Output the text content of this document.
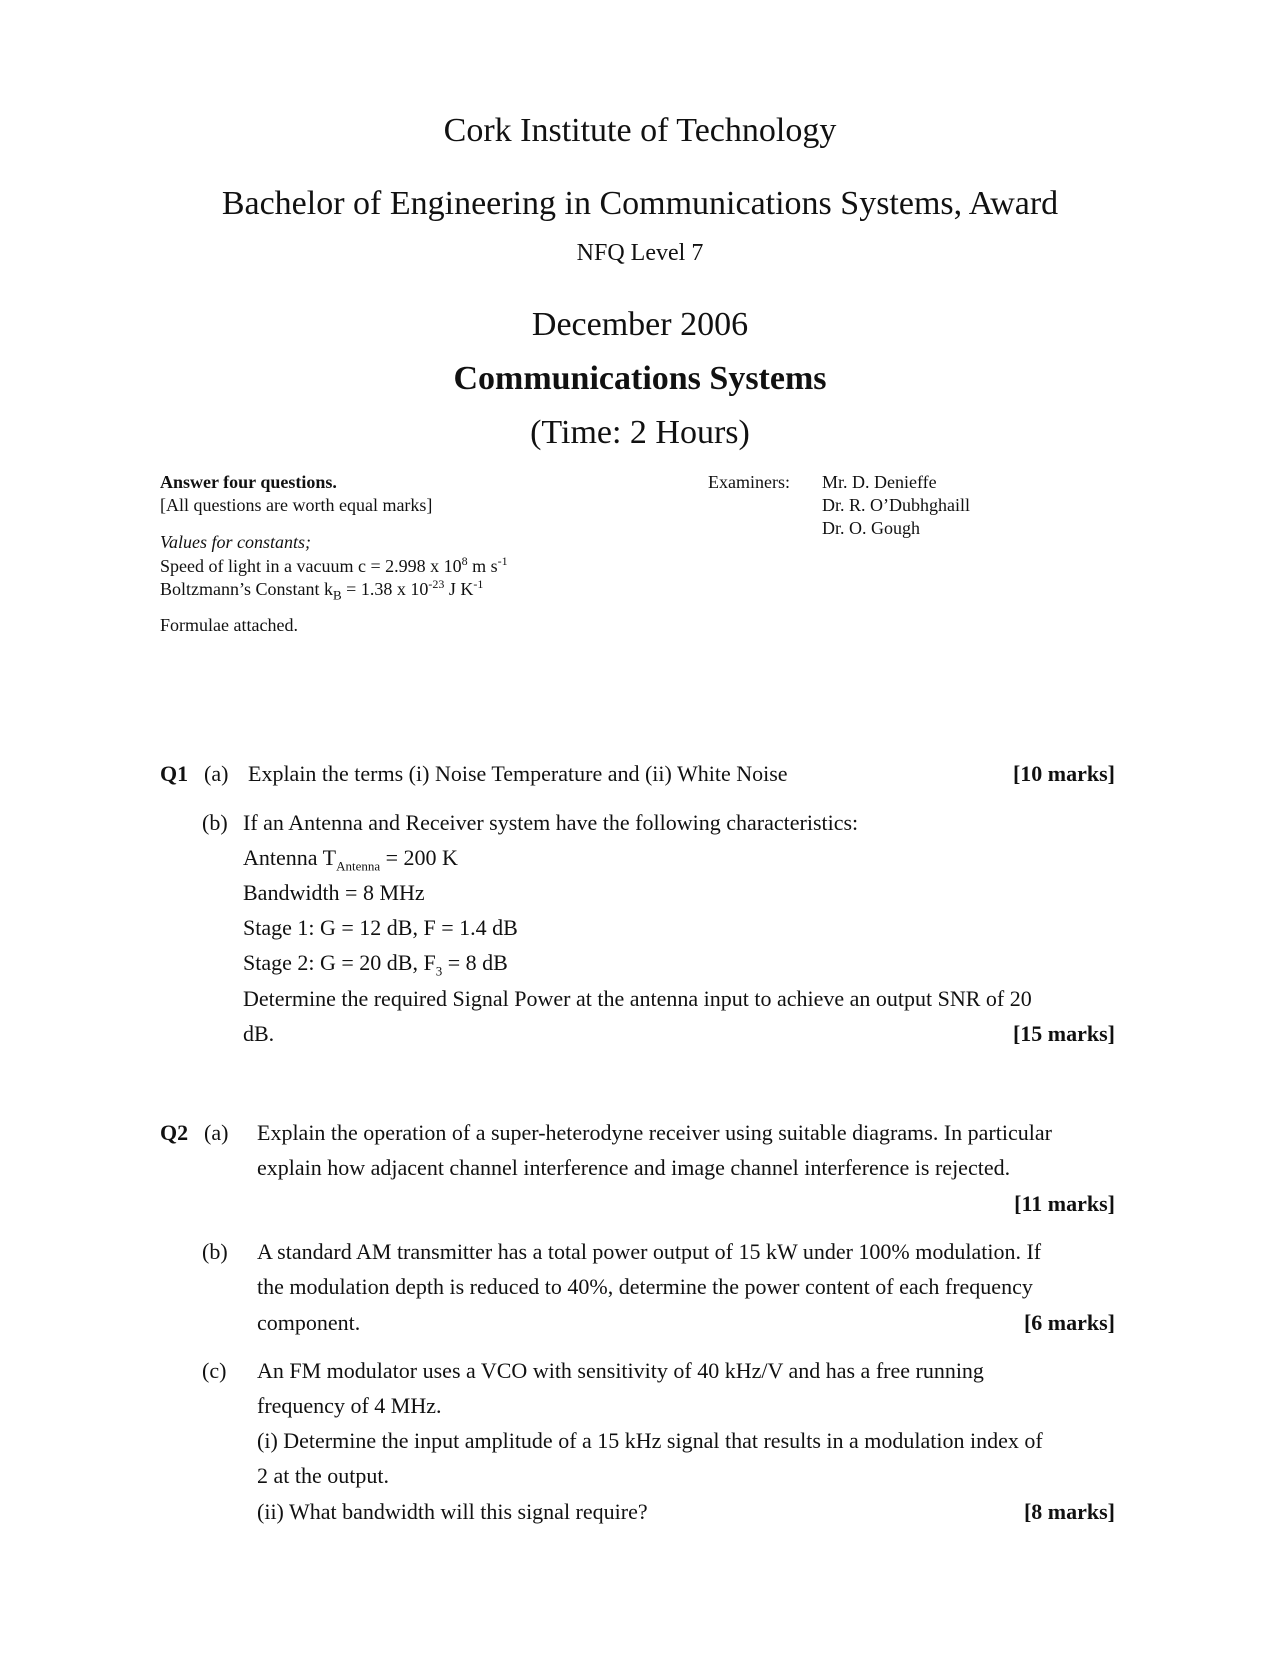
Cork Institute of Technology
Bachelor of Engineering in Communications Systems, Award
NFQ Level 7
December 2006
Communications Systems
(Time: 2 Hours)
Answer four questions.
[All questions are worth equal marks]
Values for constants;
Speed of light in a vacuum c = 2.998 x $10^8$ m $s^{-1}$
Boltzmann’s Constant $k_B = 1.38$ x $10^{-23}$ J $K^{-1}$
Formulae attached.
Examiners: Mr. D. Denieffe
Dr. R. O’Dubhghaill
Dr. O. Gough
Q1 (a) Explain the terms (i) Noise Temperature and (ii) White Noise	[10 marks]
(b) If an Antenna and Receiver system have the following characteristics:
Antenna $T_{Antenna} = 200$ K
Bandwidth = 8 MHz
Stage 1: G = 12 dB, F = 1.4 dB
Stage 2: G = 20 dB, $F_3 = 8$ dB
Determine the required Signal Power at the antenna input to achieve an output SNR of 20
dB.	[15 marks]
Q2 (a) Explain the operation of a super-heterodyne receiver using suitable diagrams. In particular
explain how adjacent channel interference and image channel interference is rejected.
[11 marks]
(b) A standard AM transmitter has a total power output of 15 kW under 100% modulation. If
the modulation depth is reduced to 40%, determine the power content of each frequency
component.	[6 marks]
(c) An FM modulator uses a VCO with sensitivity of 40 kHz/V and has a free running
frequency of 4 MHz.
(i) Determine the input amplitude of a 15 kHz signal that results in a modulation index of
2 at the output.
(ii) What bandwidth will this signal require?	[8 marks]
